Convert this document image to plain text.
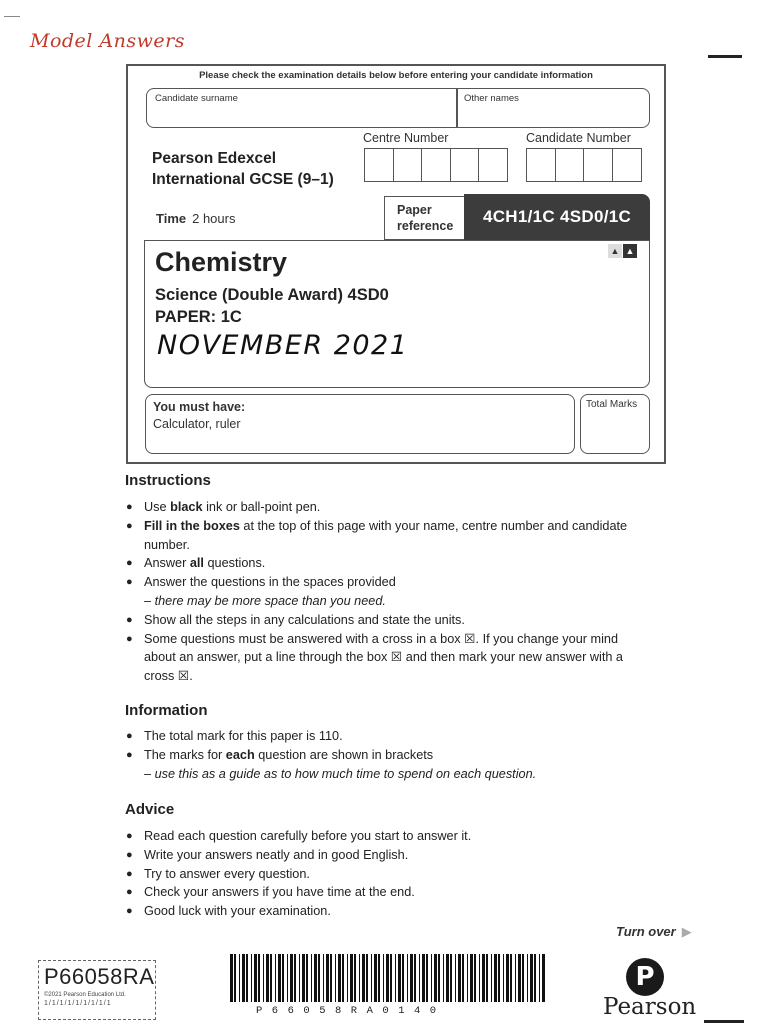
Model Answers
Please check the examination details below before entering your candidate information
Candidate surname	Other names
Centre Number	Candidate Number
Pearson Edexcel
International GCSE (9–1)
Time 2 hours
Paper
reference	4CH1/1C 4SD0/1C
▲ ▲
Chemistry
Science (Double Award) 4SD0
PAPER: 1C
NOVEMBER 2021
You must have:
Calculator, ruler
Total Marks
Instructions
● Use black ink or ball-point pen.
● Fill in the boxes at the top of this page with your name, centre number and candidate number.
● Answer all questions.
● Answer the questions in the spaces provided
– there may be more space than you need.
● Show all the steps in any calculations and state the units.
● Some questions must be answered with a cross in a box ☒. If you change your mind about an answer, put a line through the box ☒ and then mark your new answer with a cross ☒.
Information
● The total mark for this paper is 110.
● The marks for each question are shown in brackets
– use this as a guide as to how much time to spend on each question.
Advice
● Read each question carefully before you start to answer it.
● Write your answers neatly and in good English.
● Try to answer every question.
● Check your answers if you have time at the end.
● Good luck with your examination.
Turn over ▶
P66058RA
©2021 Pearson Education Ltd.
1/1/1/1/1/1/1/1/1
P66058RA0140
P
Pearson
